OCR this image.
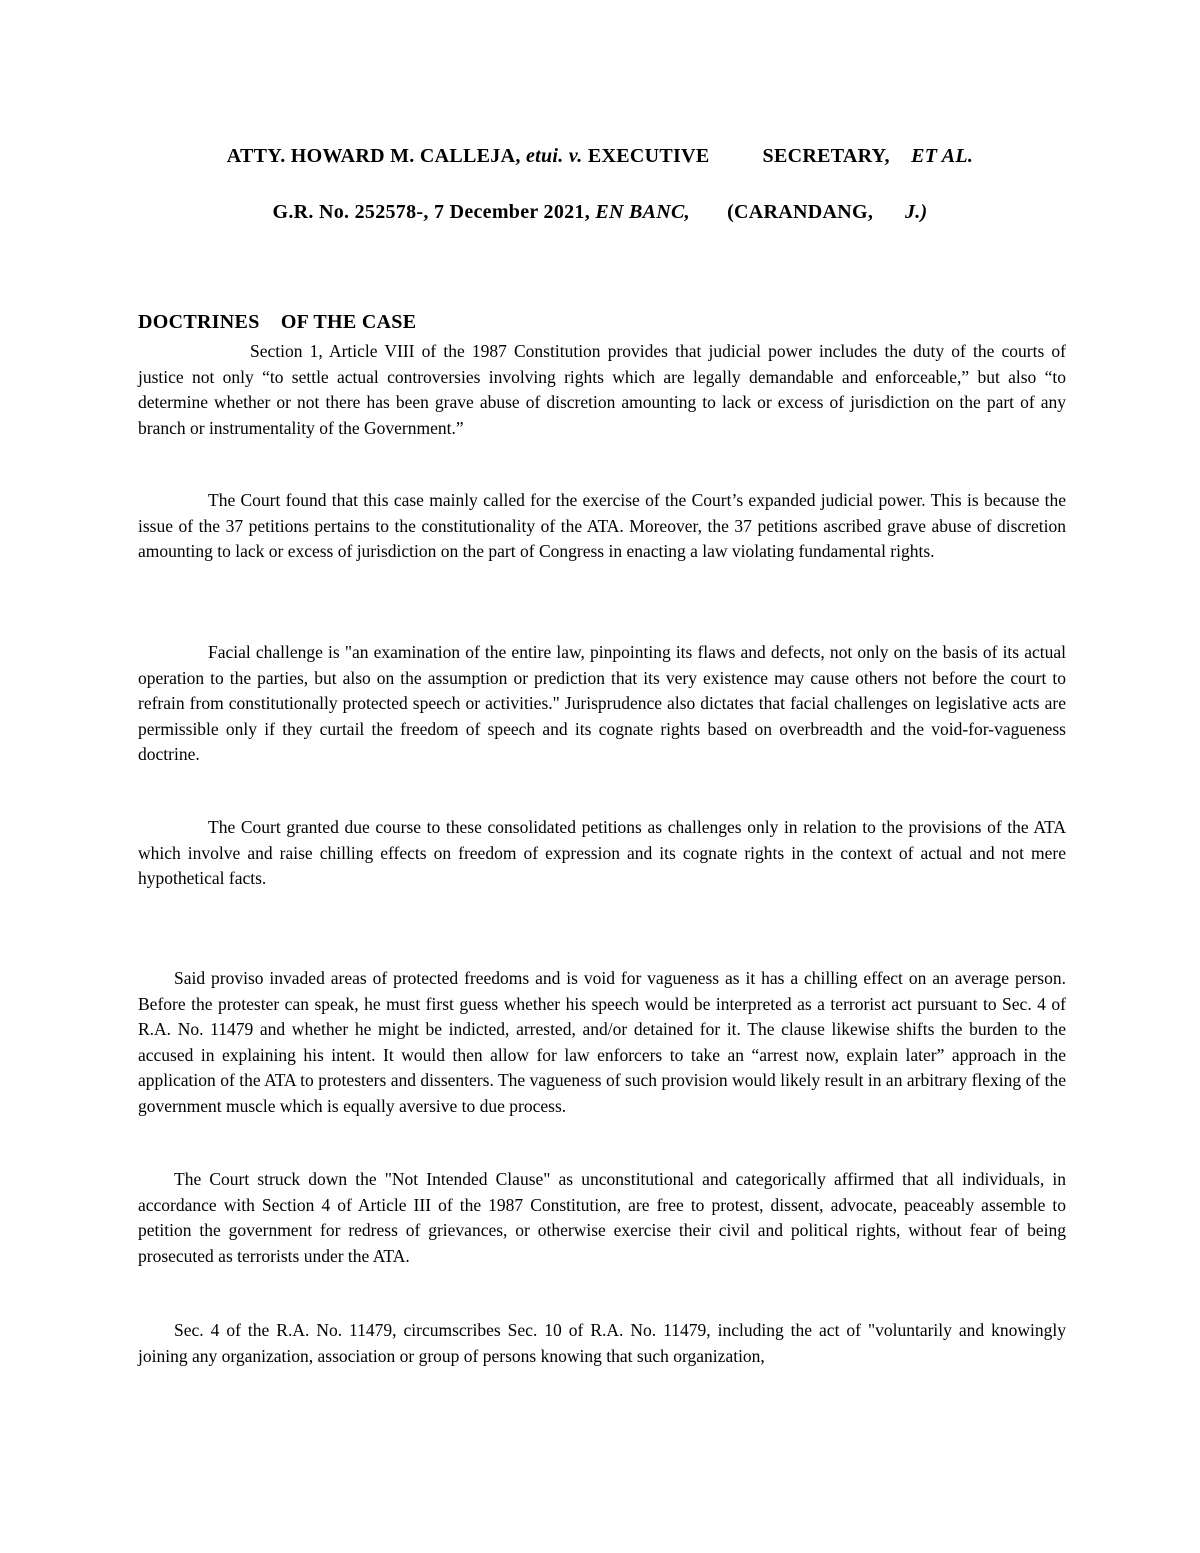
ATTY. HOWARD M. CALLEJA, etui. v. EXECUTIVE          SECRETARY,    ET AL.
G.R. No. 252578-, 7 December 2021, EN BANC,       (CARANDANG,      J.)
DOCTRINES    OF THE CASE

Section 1, Article VIII of the 1987 Constitution provides that judicial power includes the duty of the courts of justice not only “to settle actual controversies involving rights which are legally demandable and enforceable,” but also “to determine whether or not there has been grave abuse of discretion amounting to lack or excess of jurisdiction on the part of any branch or instrumentality of the Government.”

The Court found that this case mainly called for the exercise of the Court’s expanded judicial power. This is because the issue of the 37 petitions pertains to the constitutionality of the ATA. Moreover, the 37 petitions ascribed grave abuse of discretion amounting to lack or excess of jurisdiction on the part of Congress in enacting a law violating fundamental rights.

Facial challenge is "an examination of the entire law, pinpointing its flaws and defects, not only on the basis of its actual operation to the parties, but also on the assumption or prediction that its very existence may cause others not before the court to refrain from constitutionally protected speech or activities." Jurisprudence also dictates that facial challenges on legislative acts are permissible only if they curtail the freedom of speech and its cognate rights based on overbreadth and the void-for-vagueness doctrine.

The Court granted due course to these consolidated petitions as challenges only in relation to the provisions of the ATA which involve and raise chilling effects on freedom of expression and its cognate rights in the context of actual and not mere hypothetical facts.

Said proviso invaded areas of protected freedoms and is void for vagueness as it has a chilling effect on an average person. Before the protester can speak, he must first guess whether his speech would be interpreted as a terrorist act pursuant to Sec. 4 of R.A. No. 11479 and whether he might be indicted, arrested, and/or detained for it. The clause likewise shifts the burden to the accused in explaining his intent. It would then allow for law enforcers to take an “arrest now, explain later” approach in the application of the ATA to protesters and dissenters. The vagueness of such provision would likely result in an arbitrary flexing of the government muscle which is equally aversive to due process.

The Court struck down the "Not Intended Clause" as unconstitutional and categorically affirmed that all individuals, in accordance with Section 4 of Article III of the 1987 Constitution, are free to protest, dissent, advocate, peaceably assemble to petition the government for redress of grievances, or otherwise exercise their civil and political rights, without fear of being prosecuted as terrorists under the ATA.

Sec. 4 of the R.A. No. 11479, circumscribes Sec. 10 of R.A. No. 11479, including the act of "voluntarily and knowingly joining any organization, association or group of persons knowing that such organization,
